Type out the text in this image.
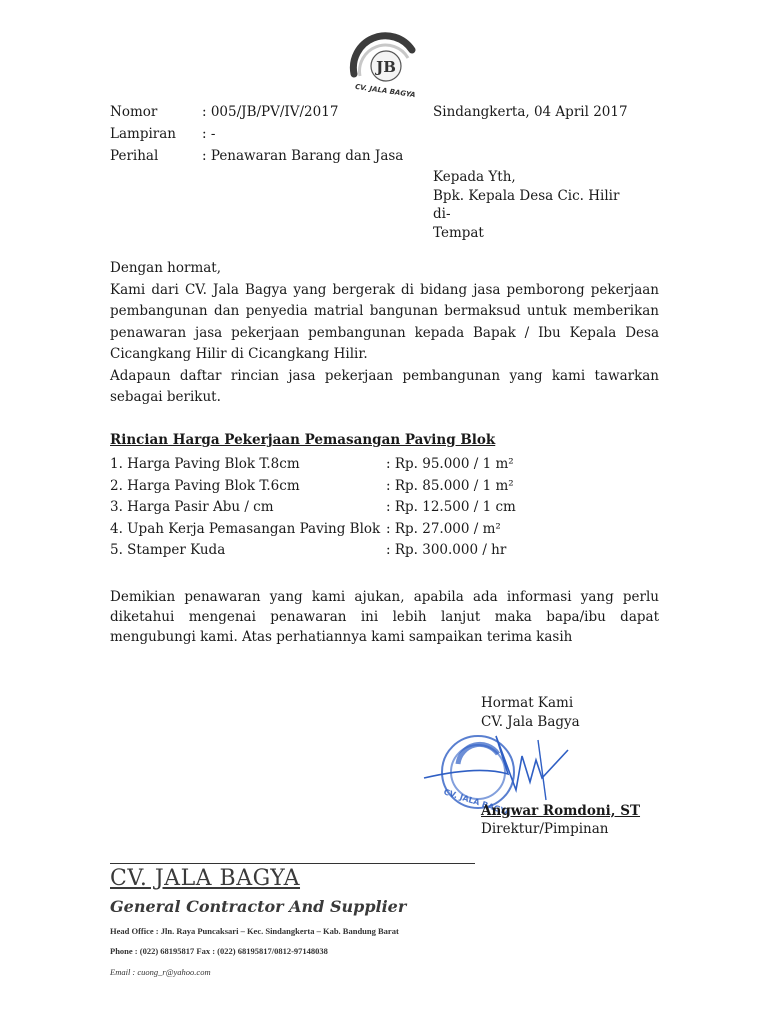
JB
CV. JALA BAGYA
Nomor	: 005/JB/PV/IV/2017	Sindangkerta, 04 April 2017
Lampiran : -
Perihal	: Penawaran Barang dan Jasa
Kepada Yth,
Bpk. Kepala Desa Cic. Hilir
di-
Tempat

Dengan hormat,

Kami dari CV. Jala Bagya yang bergerak di bidang jasa pemborong pekerjaan pembangunan dan penyedia matrial bangunan bermaksud untuk memberikan penawaran jasa pekerjaan pembangunan kepada Bapak / Ibu Kepala Desa Cicangkang Hilir di Cicangkang Hilir.

Adapaun daftar rincian jasa pekerjaan pembangunan yang kami tawarkan sebagai berikut.

Rincian Harga Pekerjaan Pemasangan Paving Blok
1. Harga Paving Blok T.8cm	: Rp. 95.000 / 1 m²
2. Harga Paving Blok T.6cm	: Rp. 85.000 / 1 m²
3. Harga Pasir Abu / cm	: Rp. 12.500 / 1 cm
4. Upah Kerja Pemasangan Paving Blok : Rp. 27.000 / m²
5. Stamper Kuda	: Rp. 300.000 / hr
Demikian penawaran yang kami ajukan, apabila ada informasi yang perlu diketahui mengenai penawaran ini lebih lanjut maka bapa/ibu dapat mengubungi kami. Atas perhatiannya kami sampaikan terima kasih
Hormat Kami
CV. Jala Bagya
CV. JALA BAGYA
Angwar Romdoni, ST
Direktur/Pimpinan
CV. JALA BAGYA
General Contractor And Supplier
Head Office : Jln. Raya Puncaksari – Kec. Sindangkerta – Kab. Bandung Barat
Phone : (022) 68195817 Fax : (022) 68195817/0812-97148038
Email : cuong_r@yahoo.com
